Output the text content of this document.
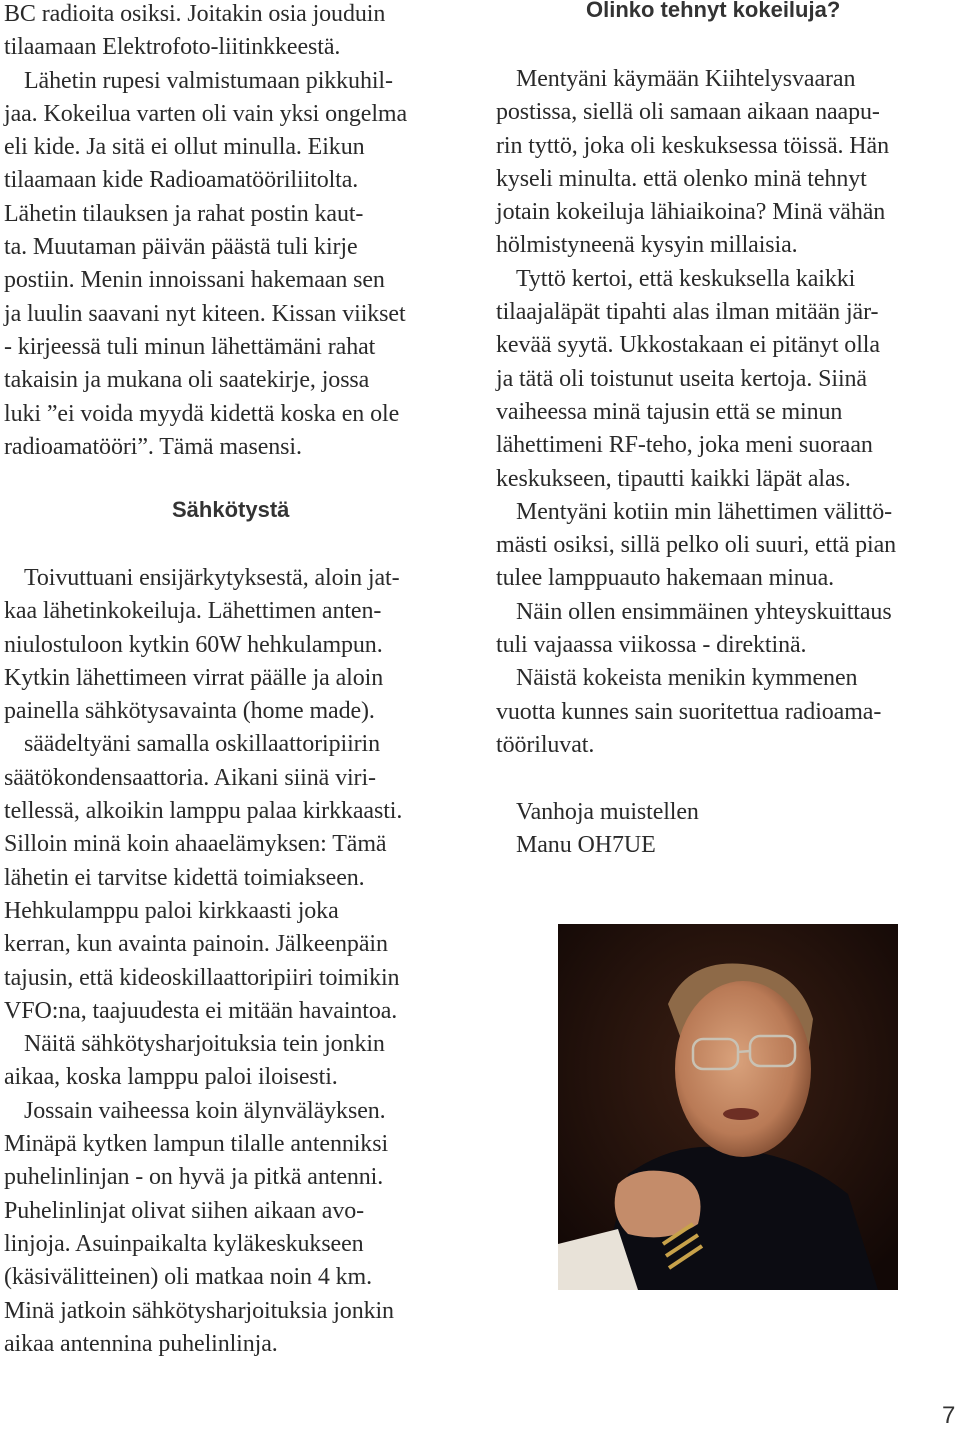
BC radioita osiksi. Joitakin osia jouduin
tilaamaan Elektrofoto-liitinkkeestä.
Lähetin rupesi valmistumaan pikkuhil-
jaa. Kokeilua varten oli vain yksi ongelma
eli kide. Ja sitä ei ollut minulla. Eikun
tilaamaan kide Radioamatööriliitolta.
Lähetin tilauksen ja rahat postin kaut-
ta. Muutaman päivän päästä tuli kirje
postiin. Menin innoissani hakemaan sen
ja luulin saavani nyt kiteen. Kissan viikset
- kirjeessä tuli minun lähettämäni rahat
takaisin ja mukana oli saatekirje, jossa
luki ”ei voida myydä kidettä koska en ole
radioamatööri”. Tämä masensi.
Toivuttuani ensijärkytyksestä, aloin jat-
kaa lähetinkokeiluja. Lähettimen anten-
niulostuloon kytkin 60W hehkulampun.
Kytkin lähettimeen virrat päälle ja aloin
painella sähkötysavainta (home made).
säädeltyäni samalla oskillaattoripiirin
säätökondensaattoria. Aikani siinä viri-
tellessä, alkoikin lamppu palaa kirkkaasti.
Silloin minä koin ahaaelämyksen: Tämä
lähetin ei tarvitse kidettä toimiakseen.
Hehkulamppu paloi kirkkaasti joka
kerran, kun avainta painoin. Jälkeenpäin
tajusin, että kideoskillaattoripiiri toimikin
VFO:na, taajuudesta ei mitään havaintoa.
Näitä sähkötysharjoituksia tein jonkin
aikaa, koska lamppu paloi iloisesti.
Jossain vaiheessa koin älynväläyksen.
Minäpä kytken lampun tilalle antenniksi
puhelinlinjan - on hyvä ja pitkä antenni.
Puhelinlinjat olivat siihen aikaan avo-
linjoja. Asuinpaikalta kyläkeskukseen
(käsivälitteinen) oli matkaa noin 4 km.
Minä jatkoin sähkötysharjoituksia jonkin
aikaa antennina puhelinlinja.
Sähkötystä
Mentyäni käymään Kiihtelysvaaran
postissa, siellä oli samaan aikaan naapu-
rin tyttö, joka oli keskuksessa töissä. Hän
kyseli minulta. että olenko minä tehnyt
jotain kokeiluja lähiaikoina? Minä vähän
hölmistyneenä kysyin millaisia.
Tyttö kertoi, että keskuksella kaikki
tilaajaläpät tipahti alas ilman mitään jär-
kevää syytä. Ukkostakaan ei pitänyt olla
ja tätä oli toistunut useita kertoja. Siinä
vaiheessa minä tajusin että se minun
lähettimeni RF-teho, joka meni suoraan
keskukseen, tipautti kaikki läpät alas.
Mentyäni kotiin min lähettimen välittö-
mästi osiksi, sillä pelko oli suuri, että pian
tulee lamppuauto hakemaan minua.
Näin ollen ensimmäinen yhteyskuittaus
tuli vajaassa viikossa - direktinä.
Näistä kokeista menikin kymmenen
vuotta kunnes sain suoritettua radioama-
tööriluvat.
Vanhoja muistellen
Manu OH7UE
Olinko tehnyt kokeiluja?
7
